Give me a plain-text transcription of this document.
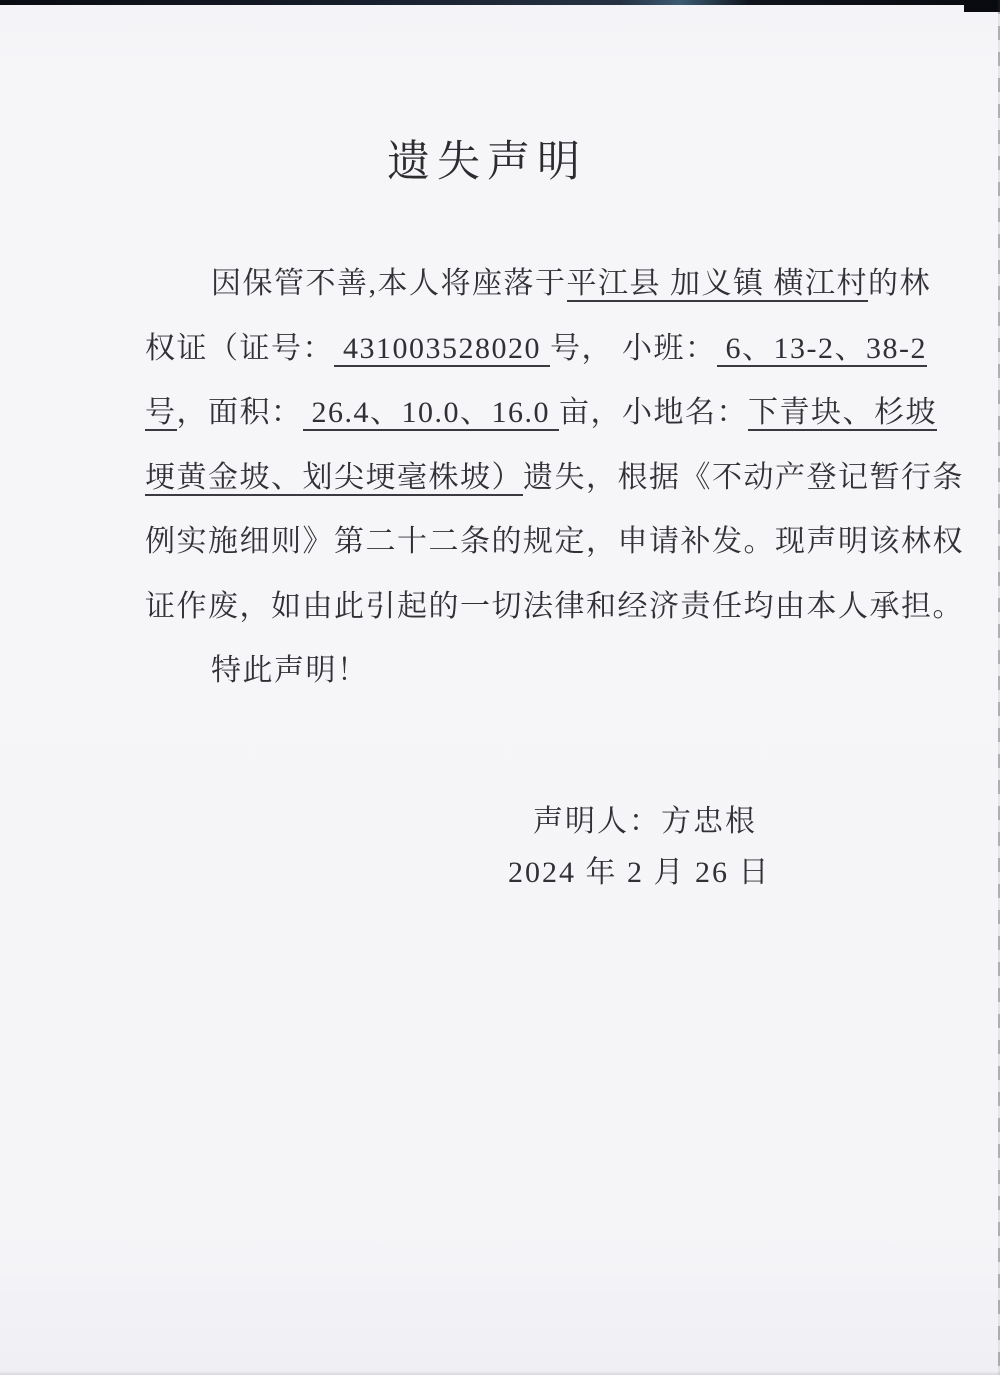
遗失声明
因保管不善,本人将座落于平江县 加义镇 横江村的林
权证（证号： 431003528020 号， 小班： 6、13-2、38-2
号，面积： 26.4、10.0、16.0 亩，小地名：下青块、杉坡
埂黄金坡、划尖埂毫株坡）遗失，根据《不动产登记暂行条
例实施细则》第二十二条的规定，申请补发。现声明该林权
证作废，如由此引起的一切法律和经济责任均由本人承担。
特此声明！
声明人：方忠根
2024 年 2 月 26 日
